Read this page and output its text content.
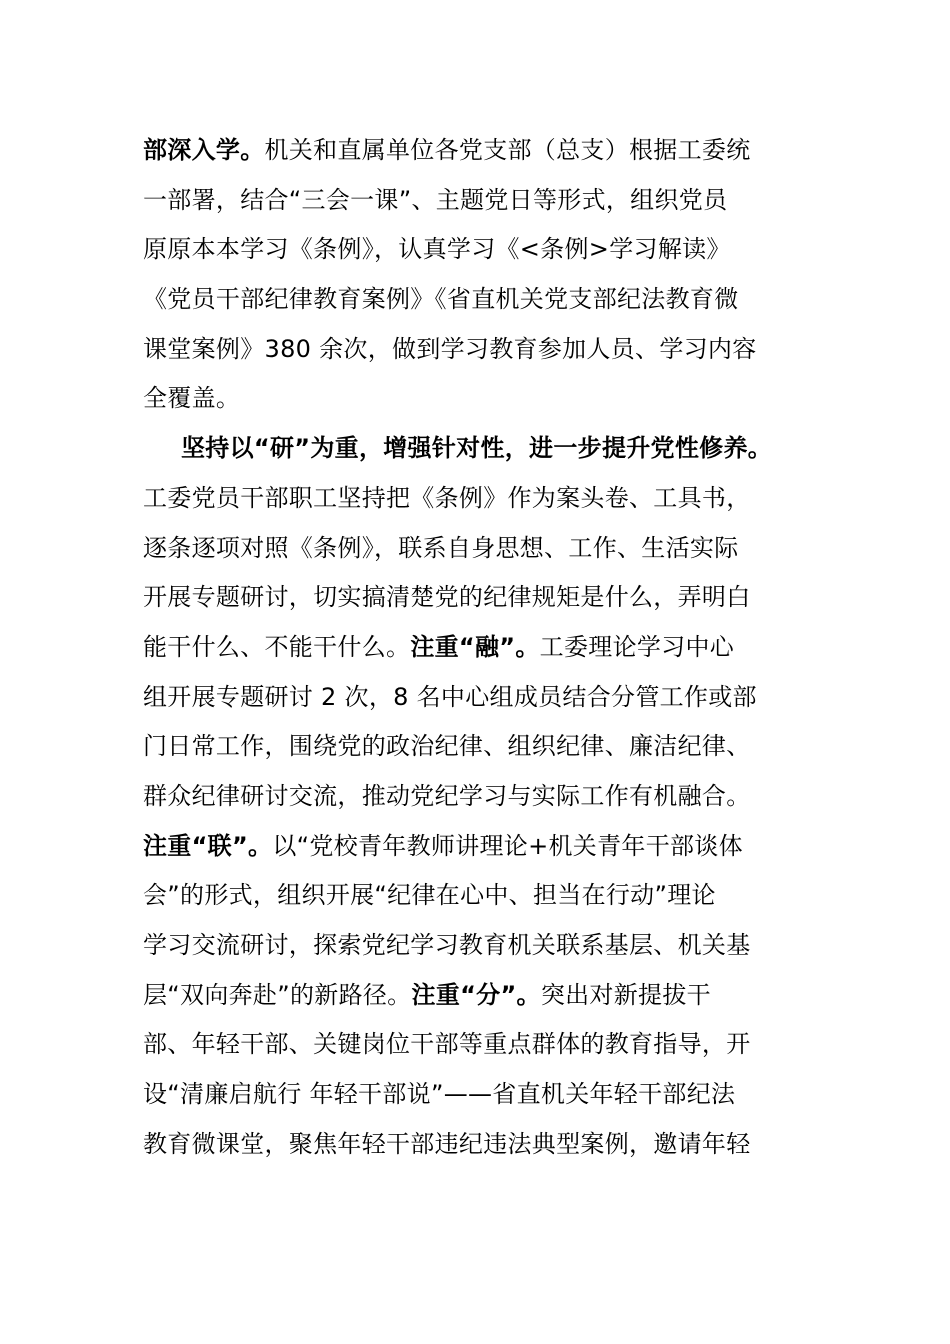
部深入学。机关和直属单位各党支部（总支）根据工委统
一部署，结合“三会一课”、主题党日等形式，组织党员
原原本本学习《条例》，认真学习《<条例>学习解读》
《党员干部纪律教育案例》《省直机关党支部纪法教育微
课堂案例》380 余次，做到学习教育参加人员、学习内容
全覆盖。
坚持以“研”为重，增强针对性，进一步提升党性修养。
工委党员干部职工坚持把《条例》作为案头卷、工具书，
逐条逐项对照《条例》，联系自身思想、工作、生活实际
开展专题研讨，切实搞清楚党的纪律规矩是什么，弄明白
能干什么、不能干什么。注重“融”。工委理论学习中心
组开展专题研讨 2 次，8 名中心组成员结合分管工作或部
门日常工作，围绕党的政治纪律、组织纪律、廉洁纪律、
群众纪律研讨交流，推动党纪学习与实际工作有机融合。
注重“联”。以“党校青年教师讲理论+机关青年干部谈体
会”的形式，组织开展“纪律在心中、担当在行动”理论
学习交流研讨，探索党纪学习教育机关联系基层、机关基
层“双向奔赴”的新路径。注重“分”。突出对新提拔干
部、年轻干部、关键岗位干部等重点群体的教育指导，开
设“清廉启航行 年轻干部说”——省直机关年轻干部纪法
教育微课堂，聚焦年轻干部违纪违法典型案例，邀请年轻
